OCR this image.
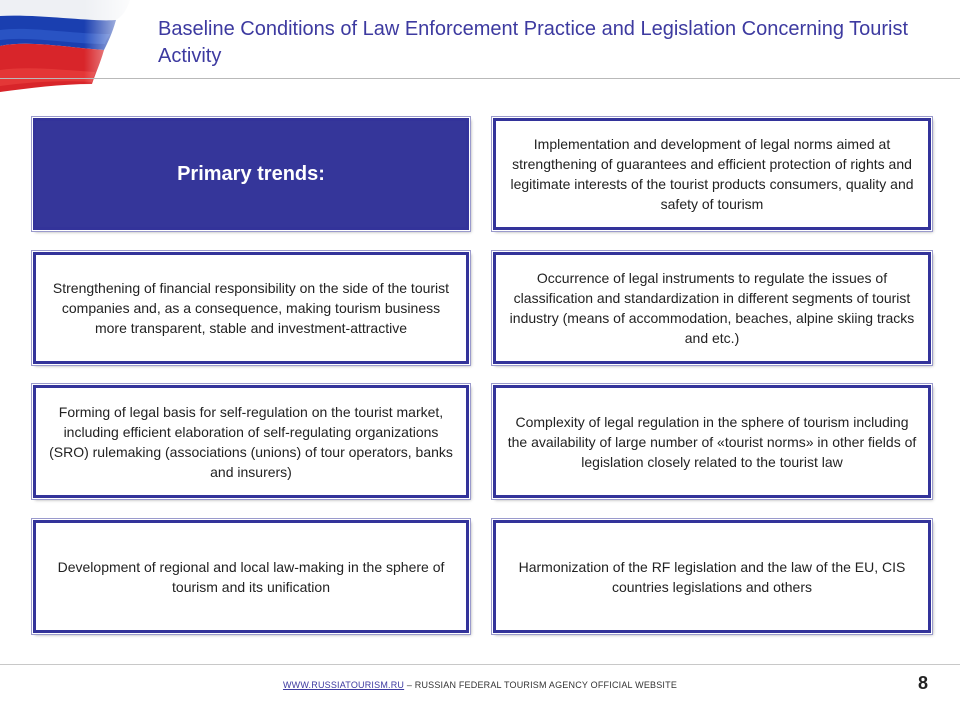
Baseline Conditions of Law Enforcement Practice and Legislation Concerning Tourist Activity
Primary trends:
Implementation and development of legal norms aimed at strengthening of guarantees and efficient protection of rights and legitimate interests of the tourist products consumers, quality and safety of tourism
Strengthening of financial responsibility on the side of the tourist companies and, as a consequence, making tourism business more transparent, stable and investment-attractive
Occurrence of legal instruments to regulate the issues of classification and standardization in different segments of tourist industry (means of accommodation, beaches, alpine skiing tracks and etc.)
Forming of legal basis for self-regulation on the tourist market, including efficient elaboration of self-regulating organizations (SRO) rulemaking (associations (unions) of tour operators, banks and insurers)
Complexity of legal regulation in the sphere of tourism including the availability of large number of «tourist norms» in other fields of legislation closely related to the tourist law
Development of regional and local law-making in the sphere of tourism and its unification
Harmonization of the RF legislation and the law of the EU, CIS countries legislations and others
WWW.RUSSIATOURISM.RU – RUSSIAN FEDERAL TOURISM AGENCY OFFICIAL WEBSITE	8
